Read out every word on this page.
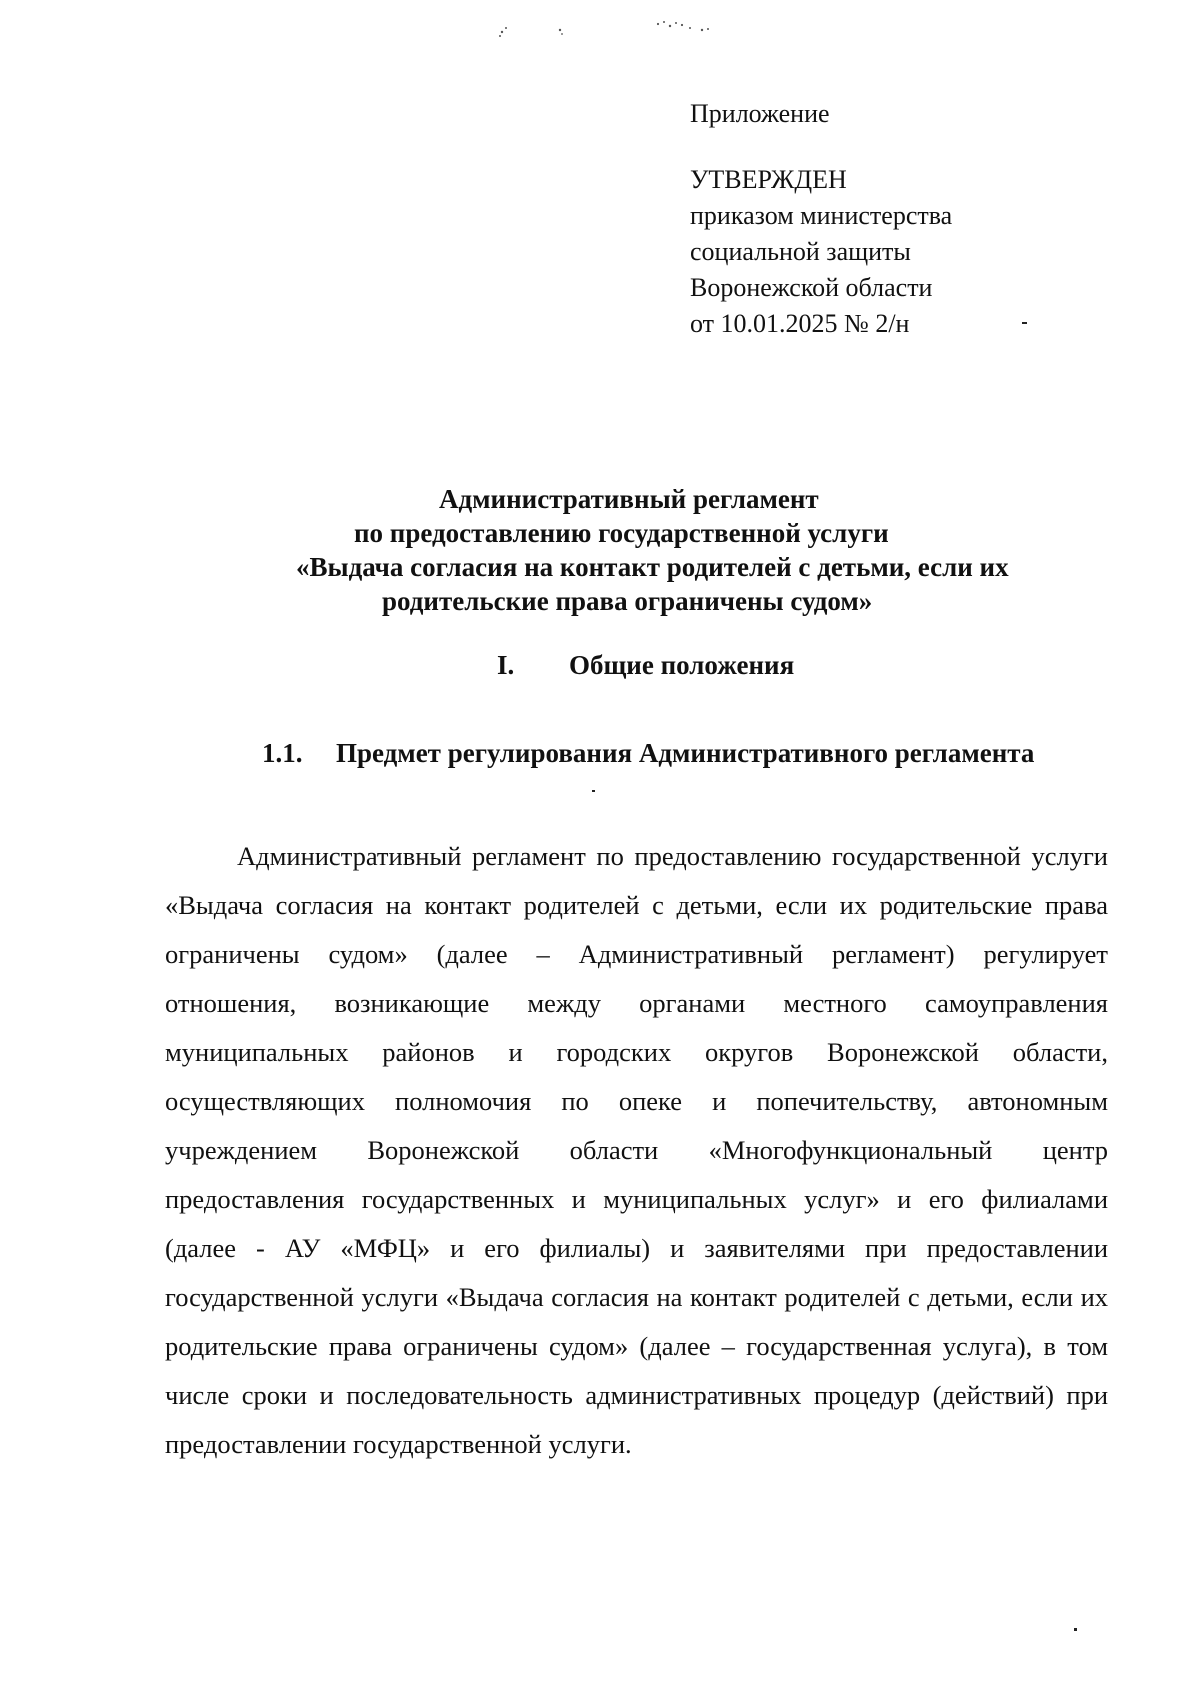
Приложение
УТВЕРЖДЕН
приказом министерства
социальной защиты
Воронежской области
от 10.01.2025 № 2/н
Административный регламент
по предоставлению государственной услуги
«Выдача согласия на контакт родителей с детьми, если их
родительские права ограничены судом»
I. Общие положения
1.1. Предмет регулирования Административного регламента
Административный регламент по предоставлению государственной услуги «Выдача согласия на контакт родителей с детьми, если их родительские права ограничены судом» (далее – Административный регламент) регулирует отношения, возникающие между органами местного самоуправления муниципальных районов и городских округов Воронежской области, осуществляющих полномочия по опеке и попечительству, автономным учреждением Воронежской области «Многофункциональный центр предоставления государственных и муниципальных услуг» и его филиалами (далее - АУ «МФЦ» и его филиалы) и заявителями при предоставлении государственной услуги «Выдача согласия на контакт родителей с детьми, если их родительские права ограничены судом» (далее – государственная услуга), в том числе сроки и последовательность административных процедур (действий) при предоставлении государственной услуги.
